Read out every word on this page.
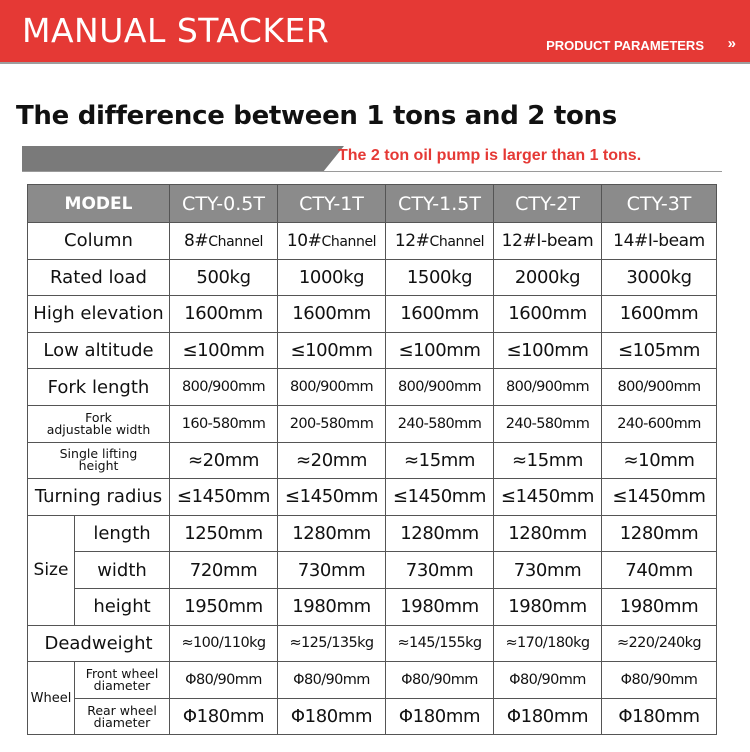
MANUAL STACKER	PRODUCT PARAMETERS »
The difference between 1 tons and 2 tons
The 2 ton oil pump is larger than 1 tons.
MODEL		CTY-0.5T	CTY-1T	CTY-1.5T	CTY-2T	CTY-3T
Column		8#Channel	10#Channel	12#Channel	12#I-beam	14#I-beam
Rated load		500kg	1000kg	1500kg	2000kg	3000kg
High elevation		1600mm	1600mm	1600mm	1600mm	1600mm
Low altitude		≤100mm	≤100mm	≤100mm	≤100mm	≤105mm
Fork length		800/900mm	800/900mm	800/900mm	800/900mm	800/900mm

Fork
adjustable width		160-580mm	200-580mm	240-580mm	240-580mm	240-600mm

Single lifting
height		≈20mm	≈20mm	≈15mm	≈15mm	≈10mm
Turning radius		≤1450mm	≤1450mm	≤1450mm	≤1450mm	≤1450mm
Size	length	1250mm	1280mm	1280mm	1280mm	1280mm
	width	720mm	730mm	730mm	730mm	740mm
	height	1950mm	1980mm	1980mm	1980mm	1980mm
Deadweight		≈100/110kg	≈125/135kg	≈145/155kg	≈170/180kg	≈220/240kg
Wheel	Front wheel
diameter	Φ80/90mm	Φ80/90mm	Φ80/90mm	Φ80/90mm	Φ80/90mm

	Rear wheel
diameter	Φ180mm	Φ180mm	Φ180mm	Φ180mm	Φ180mm
